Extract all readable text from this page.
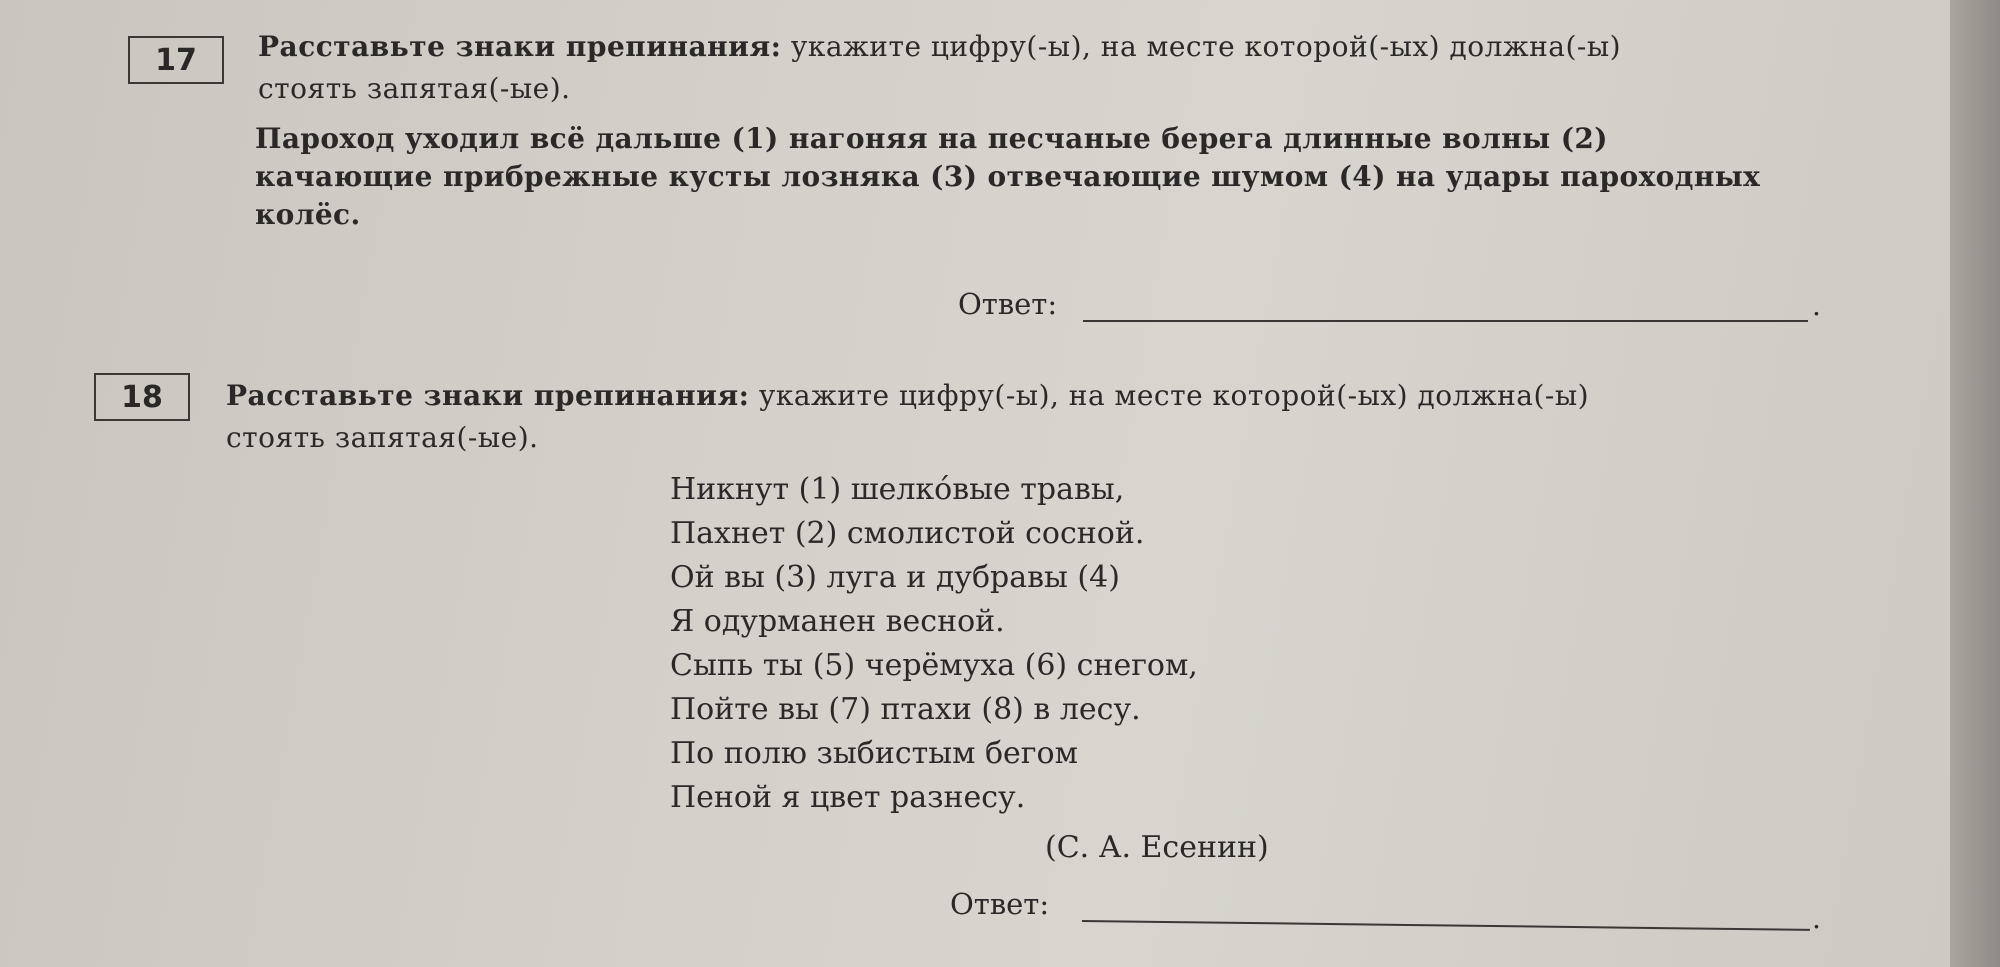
17	Расставьте знаки препинания: укажите цифру(-ы), на месте которой(-ых) должна(-ы)
стоять запятая(-ые).
Пароход уходил всё дальше (1) нагоняя на песчаные берега длинные волны (2)
качающие прибрежные кусты лозняка (3) отвечающие шумом (4) на удары пароходных
колёс.
Ответ:	.
18	Расставьте знаки препинания: укажите цифру(-ы), на месте которой(-ых) должна(-ы)
стоять запятая(-ые).
Никнут (1) шелко́вые травы,
Пахнет (2) смолистой сосной.
Ой вы (3) луга и дубравы (4)
Я одурманен весной.
Сыпь ты (5) черёмуха (6) снегом,
Пойте вы (7) птахи (8) в лесу.
По полю зыбистым бегом
Пеной я цвет разнесу.
(С. А. Есенин)
Ответ:	.
